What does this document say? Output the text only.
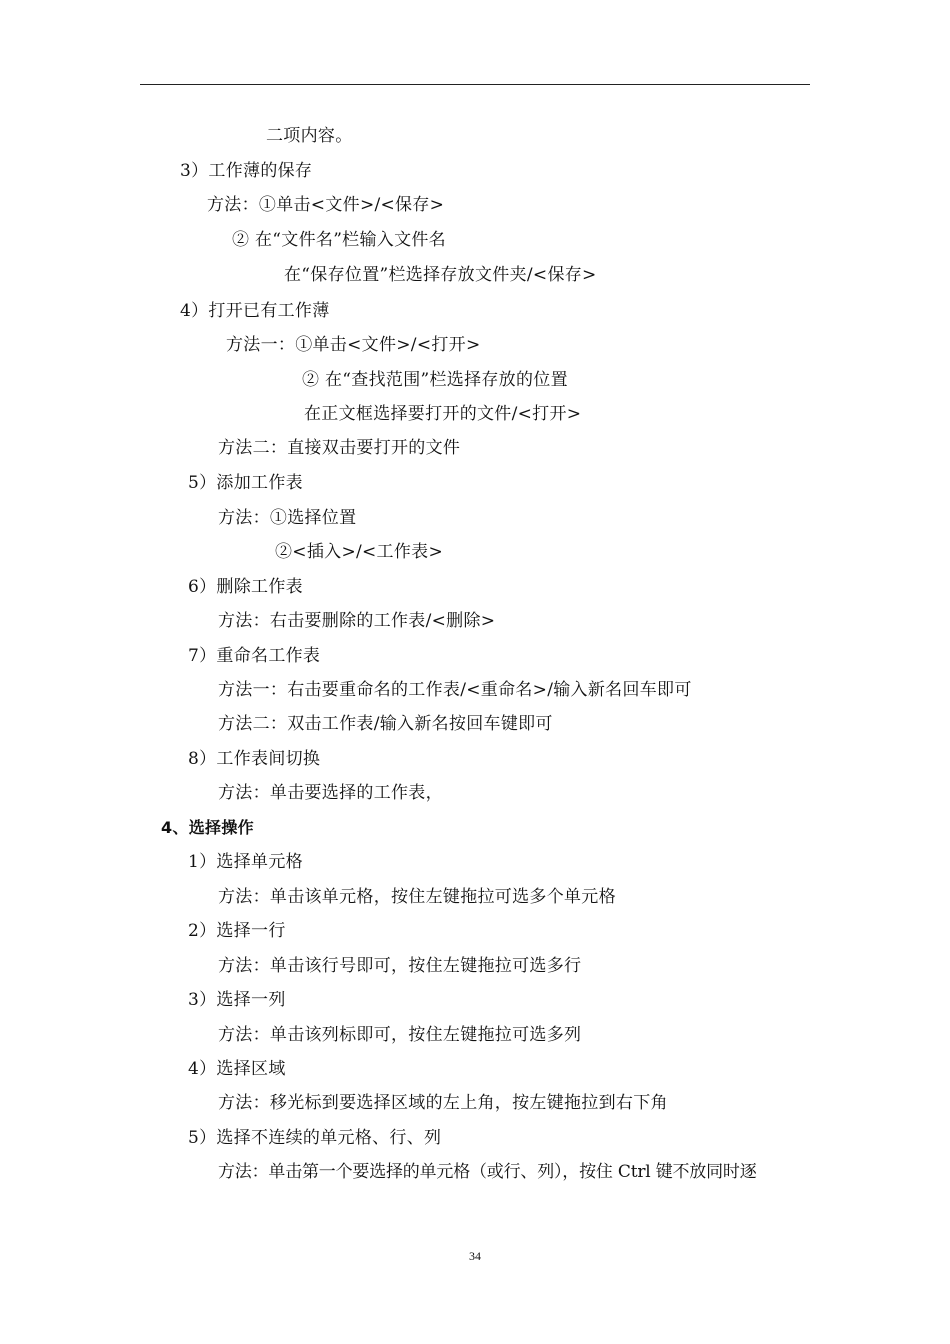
二项内容。
3）工作薄的保存
方法：①单击<文件>/<保存>
② 在“文件名”栏输入文件名
在“保存位置”栏选择存放文件夹/<保存>
4）打开已有工作薄
方法一：①单击<文件>/<打开>
② 在“查找范围”栏选择存放的位置
在正文框选择要打开的文件/<打开>
方法二：直接双击要打开的文件
5）添加工作表
方法：①选择位置
②<插入>/<工作表>
6）删除工作表
方法：右击要删除的工作表/<删除>
7）重命名工作表
方法一：右击要重命名的工作表/<重命名>/输入新名回车即可
方法二：双击工作表/输入新名按回车键即可
8）工作表间切换
方法：单击要选择的工作表，
4、选择操作
1）选择单元格
方法：单击该单元格，按住左键拖拉可选多个单元格
2）选择一行
方法：单击该行号即可，按住左键拖拉可选多行
3）选择一列
方法：单击该列标即可，按住左键拖拉可选多列
4）选择区域
方法：移光标到要选择区域的左上角，按左键拖拉到右下角
5）选择不连续的单元格、行、列
方法：单击第一个要选择的单元格（或行、列），按住 Ctrl 键不放同时逐
34
